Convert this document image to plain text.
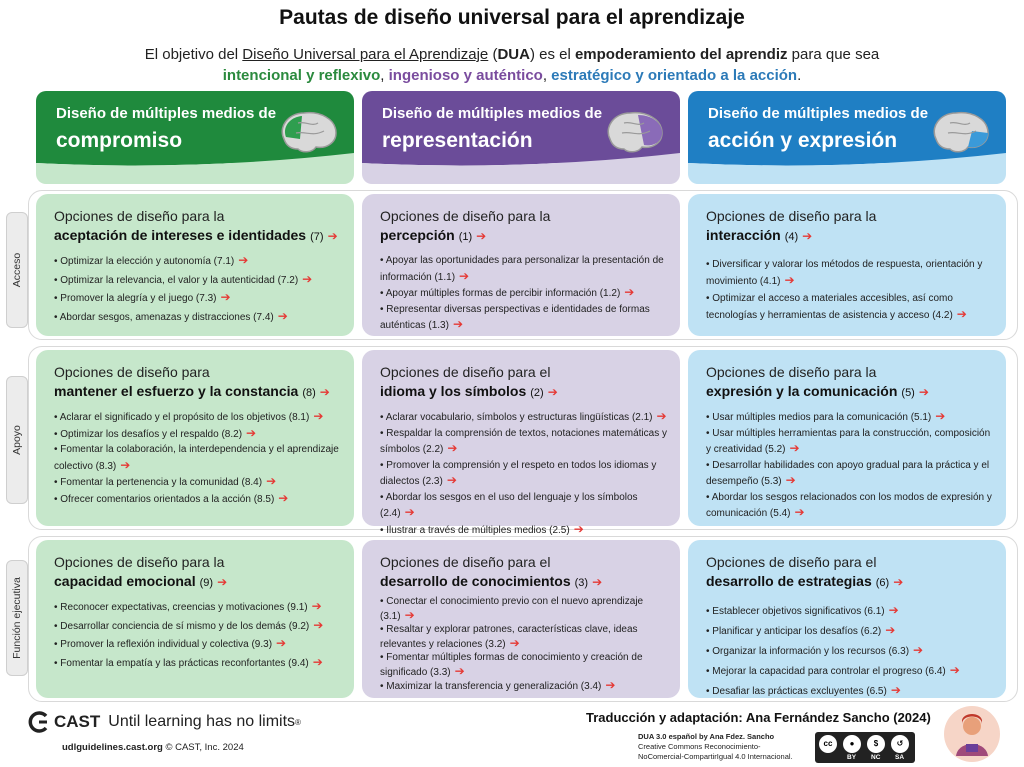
Pautas de diseño universal para el aprendizaje
El objetivo del Diseño Universal para el Aprendizaje (DUA) es el empoderamiento del aprendiz para que sea
intencional y reflexivo, ingenioso y auténtico, estratégico y orientado a la acción.
Diseño de múltiples medios de
compromiso
Diseño de múltiples medios de
representación
Diseño de múltiples medios de
acción y expresión
Acceso
Apoyo
Función ejecutiva
Opciones de diseño para la
aceptación de intereses e identidades (7) ➔
• Optimizar la elección y autonomía (7.1) ➔
• Optimizar la relevancia, el valor y la autenticidad (7.2) ➔
• Promover la alegría y el juego (7.3) ➔
• Abordar sesgos, amenazas y distracciones (7.4) ➔
Opciones de diseño para la
percepción (1) ➔
• Apoyar las oportunidades para personalizar la presentación de información (1.1) ➔
• Apoyar múltiples formas de percibir información (1.2) ➔
• Representar diversas perspectivas e identidades de formas auténticas (1.3) ➔
Opciones de diseño para la
interacción (4) ➔
• Diversificar y valorar los métodos de respuesta, orientación y movimiento (4.1) ➔
• Optimizar el acceso a materiales accesibles, así como tecnologías y herramientas de asistencia y acceso (4.2) ➔
Opciones de diseño para
mantener el esfuerzo y la constancia (8) ➔
• Aclarar el significado y el propósito de los objetivos (8.1) ➔
• Optimizar los desafíos y el respaldo (8.2) ➔
• Fomentar la colaboración, la interdependencia y el aprendizaje colectivo (8.3) ➔
• Fomentar la pertenencia y la comunidad (8.4) ➔
• Ofrecer comentarios orientados a la acción (8.5) ➔
Opciones de diseño para el
idioma y los símbolos (2) ➔
• Aclarar vocabulario, símbolos y estructuras lingüísticas (2.1) ➔
• Respaldar la comprensión de textos, notaciones matemáticas y símbolos (2.2) ➔
• Promover la comprensión y el respeto en todos los idiomas y dialectos (2.3) ➔
• Abordar los sesgos en el uso del lenguaje y los símbolos (2.4) ➔
• Ilustrar a través de múltiples medios (2.5) ➔
Opciones de diseño para la
expresión y la comunicación (5) ➔
• Usar múltiples medios para la comunicación (5.1) ➔
• Usar múltiples herramientas para la construcción, composición y creatividad (5.2) ➔
• Desarrollar habilidades con apoyo gradual para la práctica y el desempeño (5.3) ➔
• Abordar los sesgos relacionados con los modos de expresión y comunicación (5.4) ➔
Opciones de diseño para la
capacidad emocional (9) ➔
• Reconocer expectativas, creencias y motivaciones (9.1) ➔
• Desarrollar conciencia de sí mismo y de los demás (9.2) ➔
• Promover la reflexión individual y colectiva (9.3) ➔
• Fomentar la empatía y las prácticas reconfortantes (9.4) ➔
Opciones de diseño para el
desarrollo de conocimientos (3) ➔
• Conectar el conocimiento previo con el nuevo aprendizaje (3.1) ➔
• Resaltar y explorar patrones, características clave, ideas relevantes y relaciones (3.2) ➔
• Fomentar múltiples formas de conocimiento y creación de significado (3.3) ➔
• Maximizar la transferencia y generalización (3.4) ➔
Opciones de diseño para el
desarrollo de estrategias (6) ➔
• Establecer objetivos significativos (6.1) ➔
• Planificar y anticipar los desafíos (6.2) ➔
• Organizar la información y los recursos (6.3) ➔
• Mejorar la capacidad para controlar el progreso (6.4) ➔
• Desafiar las prácticas excluyentes (6.5) ➔
CAST Until learning has no limits ®
udlguidelines.cast.org © CAST, Inc. 2024
Traducción y adaptación: Ana Fernández Sancho (2024)
DUA 3.0 español by Ana Fdez. Sancho
Creative Commons Reconocimiento-
NoComercial-CompartirIgual 4.0 Internacional.
cc	●	$	↺
BY NC SA
